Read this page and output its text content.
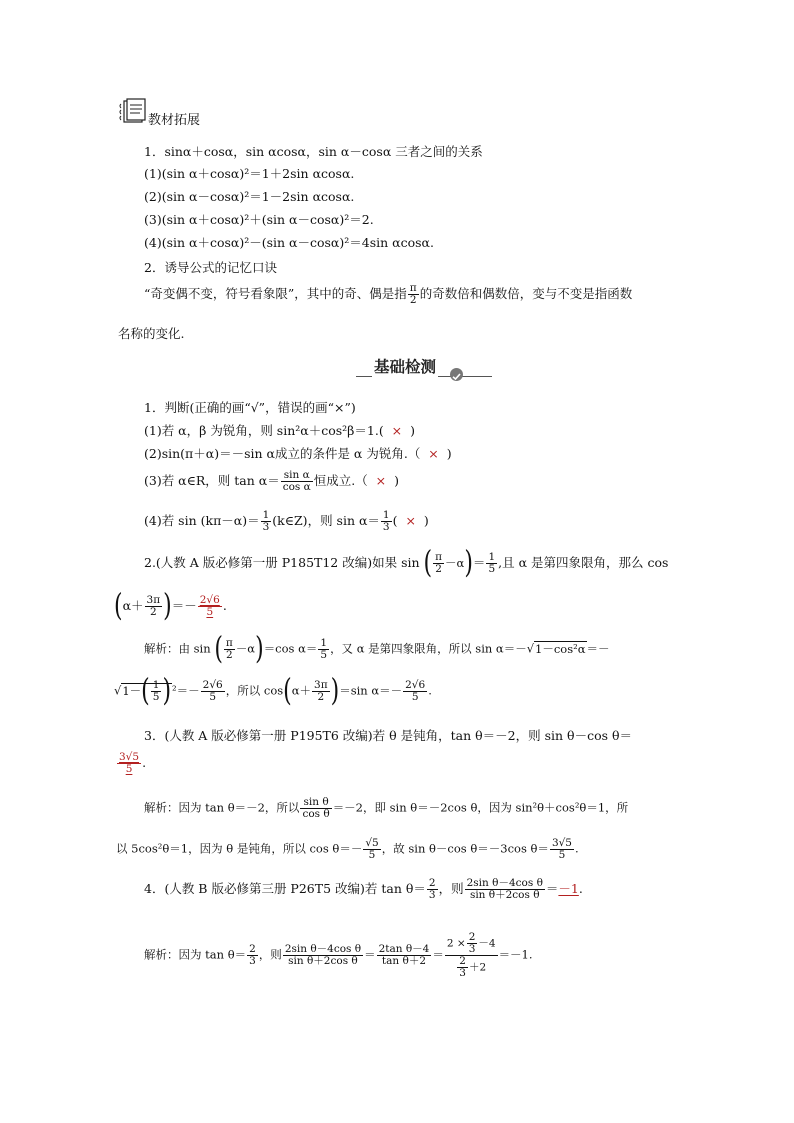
教材拓展
1．sinα＋cosα，sin αcosα，sin α－cosα 三者之间的关系
(1)(sin α＋cosα)²＝1＋2sin αcosα.
(2)(sin α－cosα)²＝1－2sin αcosα.
(3)(sin α＋cosα)²＋(sin α－cosα)²＝2.
(4)(sin α＋cosα)²－(sin α－cosα)²＝4sin αcosα.
2．诱导公式的记忆口诀
“奇变偶不变，符号看象限”，其中的奇、偶是指 $\frac{\pi}{2}$ 的奇数倍和偶数倍，变与不变是指函数
名称的变化.
基础检测
1．判断(正确的画“√”，错误的画“×”)
(1)若 α，β 为锐角，则 sin²α＋cos²β＝1.( × )
(2)sin(π＋α)＝－sin α成立的条件是 α 为锐角.（ × )
(3)若 α∈R，则 $\tan \alpha= \frac{\text{sin α}}{\text{cos α}}$ 恒成立.（ × )
(4)若 $\sin (k\pi-\alpha)= \frac{1}{3}$ (k∈Z)，则 $\sin \alpha= \frac{1}{3}$ ( × )
2.(人教 A 版必修第一册 P185T12 改编)如果 sin ( $\frac{\pi}{2} -\alpha)= \frac{1}{5}$ ,且 α 是第四象限角，那么 cos
($\alpha+ \frac{3\pi}{2}$ )＝－ $\frac{2√6}{5}$ .
解析：由 sin ( $\frac{\pi}{2} -\alpha)=\cos$ $\alpha= \frac{1}{5}$ ，又 α 是第四象限角，所以 sin α＝－√1－cos²α＝－
$√1-( \frac{1}{5} )^2=- \frac{2√6}{5}$ ，所以 $\cos(\alpha+ \frac{3\pi}{2} )=\sin$ $\alpha=- \frac{2√6}{5}$ .
3．(人教 A 版必修第一册 P195T6 改编)若 θ 是钝角，tan θ＝－2，则 sin θ－cos θ＝
$\frac{3√5}{5}$ .
解析：因为 tan θ＝－2，所以 $\frac{\text{sin θ}}{\text{cos θ}} =-2$，即 sin θ＝－2cos θ，因为 sin²θ＋cos²θ＝1，所
以 5cos²θ＝1，因为 θ 是钝角，所以 $\cos \theta=- \frac{√5}{5}$ ，故 sin θ－cos θ＝－3cos $\theta= \frac{3√5}{5}$ .
4．(人教 B 版必修第三册 P26T5 改编)若 $\tan \theta= \frac{2}{3}$ ，则 $\frac{\text{2sin θ－4cos θ}}{\text{sin θ＋2cos θ}} =-1$.
解析：因为 $\tan \theta= \frac{2}{3}$ ，则 $\frac{\text{2sin θ－4cos θ}}{\text{sin θ＋2cos θ}} = \frac{\text{2tan θ－4}}{\text{tan θ＋2}} = \frac{2 \times \frac{2}{3} -4}{\frac{2}{3} +2} =-1$.
